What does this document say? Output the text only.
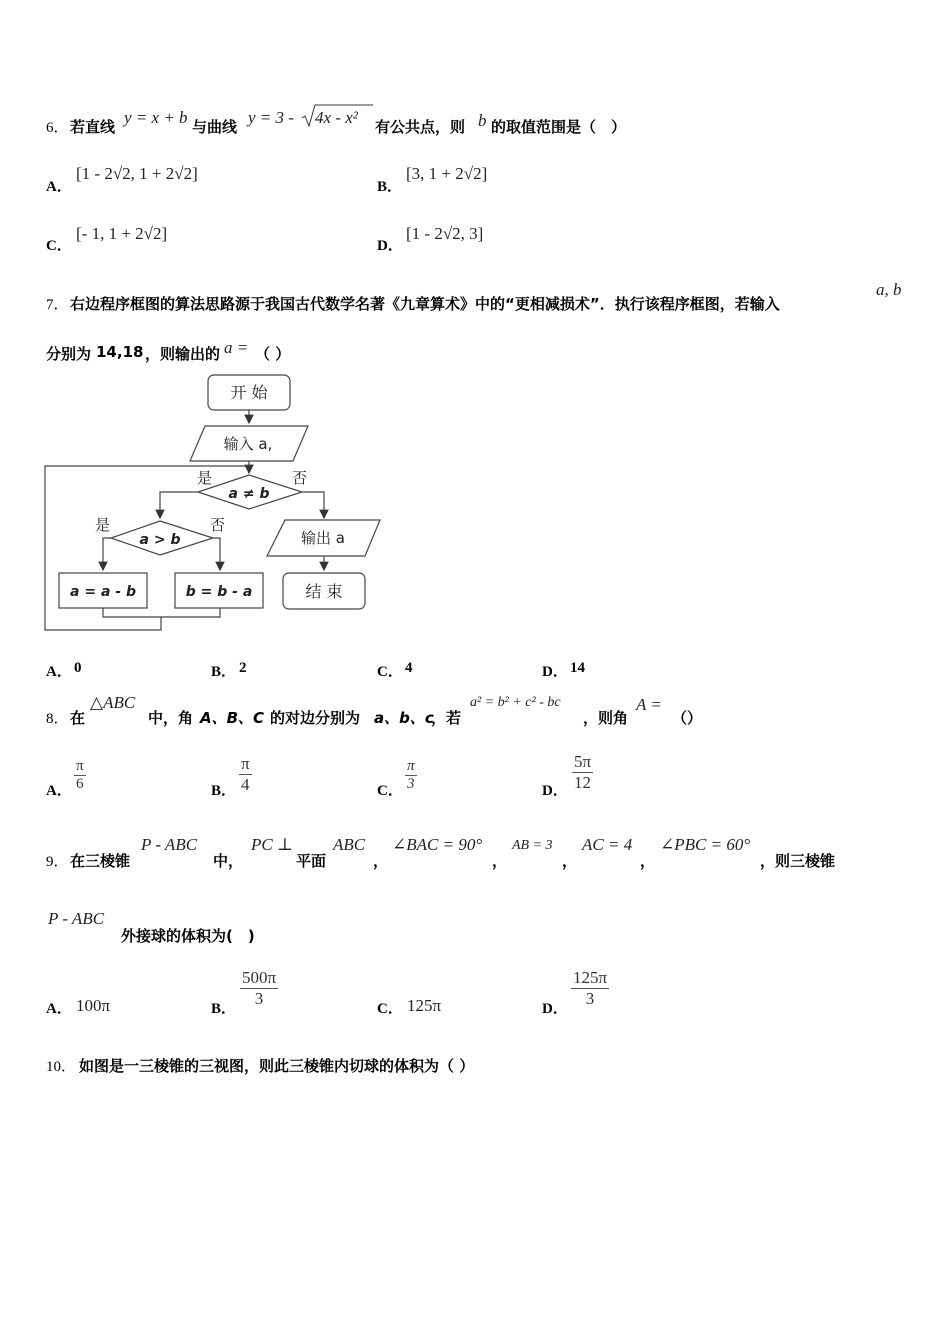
6． 若直线 y = x + b 与曲线 y = 3 - 4x - x² 有公共点，则 b 的取值范围是（　）
A．
[1 - 2√2, 1 + 2√2]
B．
[3, 1 + 2√2]
C．
[- 1, 1 + 2√2]
D．
[1 - 2√2, 3]
7． 右边程序框图的算法思路源于我国古代数学名著《九章算术》中的“更相减损术”．执行该程序框图，若输入
a, b
分别为 14,18 ，则输出的 a = （ ）
开 始
输入 a,
a ≠ b
是	否
a > b
是	否
a = a - b	b = b - a
输出 a
结 束
A． 0	B． 2	C． 4	D． 14
8． 在
△ABC
中，角 A、B、C 的对边分别为 a、b、c
，若
a² = b² + c² - bc
，则角
A =
（）
A． $\frac{\pi}{6}$	B． $\frac{\pi}{4}$	C． $\frac{\pi}{3}$	D． $\frac{5\pi}{12}$
9． 在三棱锥
P - ABC
中，
PC ⊥
平面
ABC
，
∠BAC = 90°
，
AB = 3
，
AC = 4
，
∠PBC = 60°
，则三棱锥
P - ABC
外接球的体积为(　)
A． 100π	B． $\frac{500\pi}{3}$	C． 125π	D． $\frac{125\pi}{3}$
10． 如图是一三棱锥的三视图，则此三棱锥内切球的体积为（ ）
